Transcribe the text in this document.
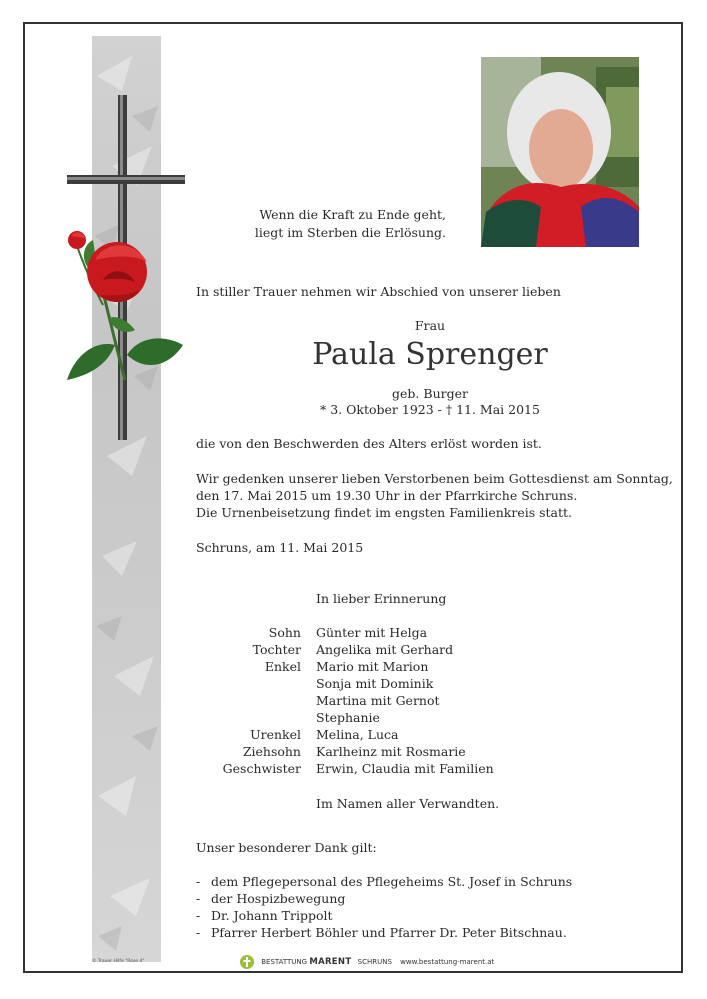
Wenn die Kraft zu Ende geht,
liegt im Sterben die Erlösung.
In stiller Trauer nehmen wir Abschied von unserer lieben
Frau
Paula Sprenger
geb. Burger
* 3. Oktober 1923 - † 11. Mai 2015
die von den Beschwerden des Alters erlöst worden ist.
Wir gedenken unserer lieben Verstorbenen beim Gottesdienst am Sonntag,
den 17. Mai 2015 um 19.30 Uhr in der Pfarrkirche Schruns.
Die Urnenbeisetzung findet im engsten Familienkreis statt.
Schruns, am 11. Mai 2015
In lieber Erinnerung
Sohn Günter mit Helga
Tochter Angelika mit Gerhard
Enkel Mario mit Marion
Sonja mit Dominik
Martina mit Gernot
Stephanie
Urenkel Melina, Luca
Ziehsohn Karlheinz mit Rosmarie
Geschwister Erwin, Claudia mit Familien
Im Namen aller Verwandten.
Unser besonderer Dank gilt:
- dem Pflegepersonal des Pflegeheims St. Josef in Schruns
- der Hospizbewegung
- Dr. Johann Trippolt
- Pfarrer Herbert Böhler und Pfarrer Dr. Peter Bitschnau.
© Trauer Hilfe "Rose 4"	BESTATTUNG MARENT SCHRUNS www.bestattung-marent.at
